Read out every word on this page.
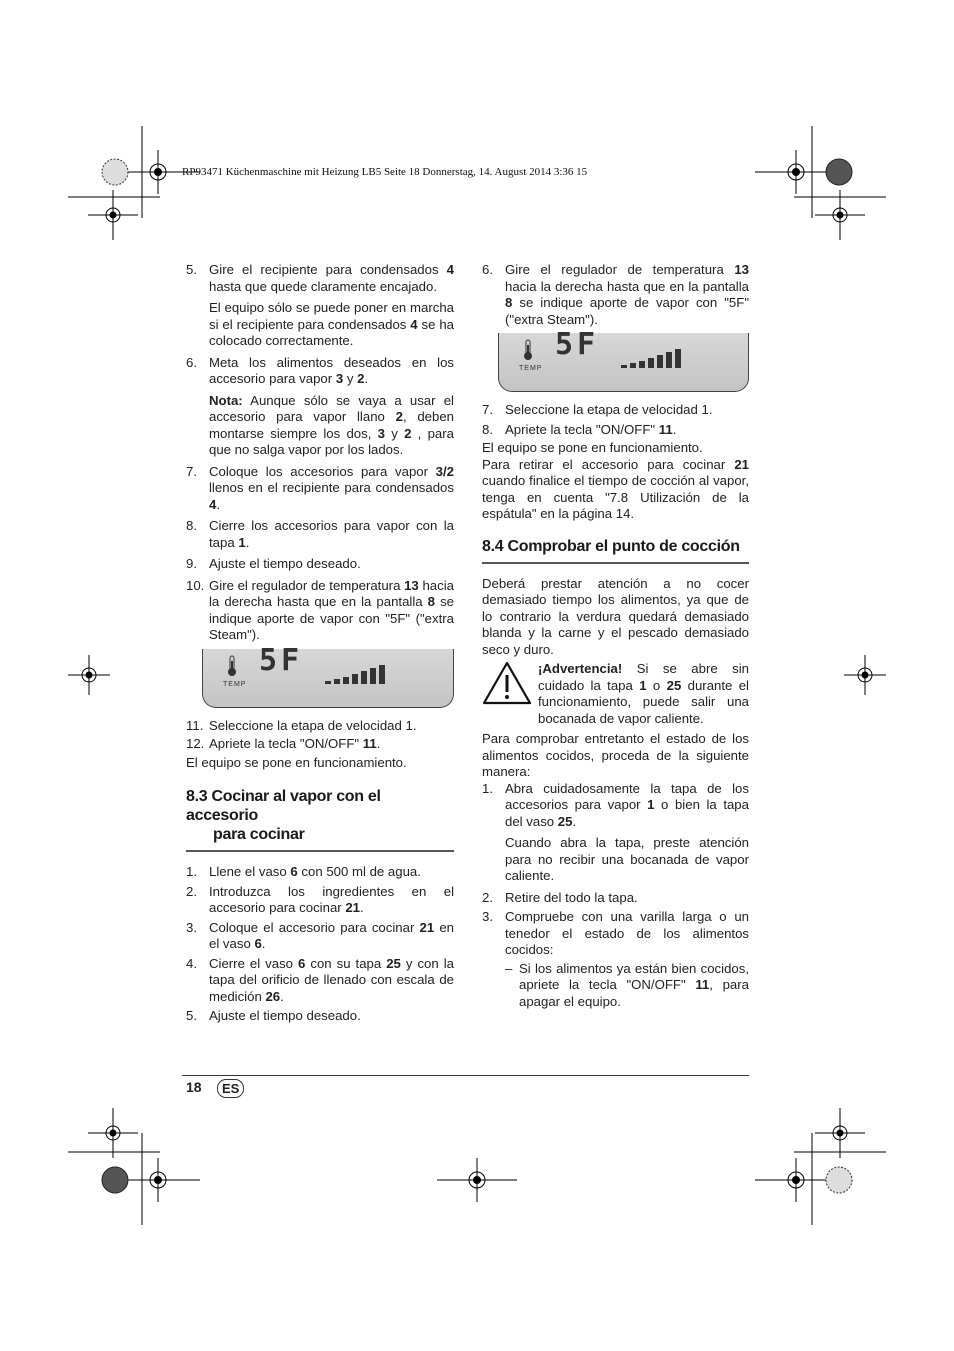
RP93471 Küchenmaschine mit Heizung LB5 Seite 18 Donnerstag, 14. August 2014 3:36 15
5. Gire el recipiente para condensados 4 hasta que quede claramente encajado.
El equipo sólo se puede poner en marcha si el recipiente para condensados 4 se ha colocado correctamente.
6. Meta los alimentos deseados en los accesorio para vapor 3 y 2.
Nota: Aunque sólo se vaya a usar el accesorio para vapor llano 2, deben montarse siempre los dos, 3 y 2 , para que no salga vapor por los lados.
7. Coloque los accesorios para vapor 3/2 llenos en el recipiente para condensados 4.
8. Cierre los accesorios para vapor con la tapa 1.
9. Ajuste el tiempo deseado.
10. Gire el regulador de temperatura 13 hacia la derecha hasta que en la pantalla 8 se indique aporte de vapor con "5F" ("extra Steam").
TEMP
5F
11. Seleccione la etapa de velocidad 1.
12. Apriete la tecla "ON/OFF" 11.

El equipo se pone en funcionamiento.

8.3 Cocinar al vapor con el accesorio
para cocinar
1. Llene el vaso 6 con 500 ml de agua.
2. Introduzca los ingredientes en el accesorio para cocinar 21.
3. Coloque el accesorio para cocinar 21 en el vaso 6.
4. Cierre el vaso 6 con su tapa 25 y con la tapa del orificio de llenado con escala de medición 26.
5. Ajuste el tiempo deseado.
6. Gire el regulador de temperatura 13 hacia la derecha hasta que en la pantalla 8 se indique aporte de vapor con "5F" ("extra Steam").
TEMP
5F
7. Seleccione la etapa de velocidad 1.
8. Apriete la tecla "ON/OFF" 11.

El equipo se pone en funcionamiento.

Para retirar el accesorio para cocinar 21 cuando finalice el tiempo de cocción al vapor, tenga en cuenta "7.8 Utilización de la espátula" en la página 14.

8.4 Comprobar el punto de cocción

Deberá prestar atención a no cocer demasiado tiempo los alimentos, ya que de lo contrario la verdura quedará demasiado blanda y la carne y el pescado demasiado seco y duro.

¡Advertencia! Si se abre sin cuidado la tapa 1 o 25 durante el funcionamiento, puede salir una bocanada de vapor caliente.

Para comprobar entretanto el estado de los alimentos cocidos, proceda de la siguiente manera:

1. Abra cuidadosamente la tapa de los accesorios para vapor 1 o bien la tapa del vaso 25.
Cuando abra la tapa, preste atención para no recibir una bocanada de vapor caliente.
2. Retire del todo la tapa.
3. Compruebe con una varilla larga o un tenedor el estado de los alimentos cocidos:
– Si los alimentos ya están bien cocidos, apriete la tecla "ON/OFF" 11, para apagar el equipo.
18	ES
